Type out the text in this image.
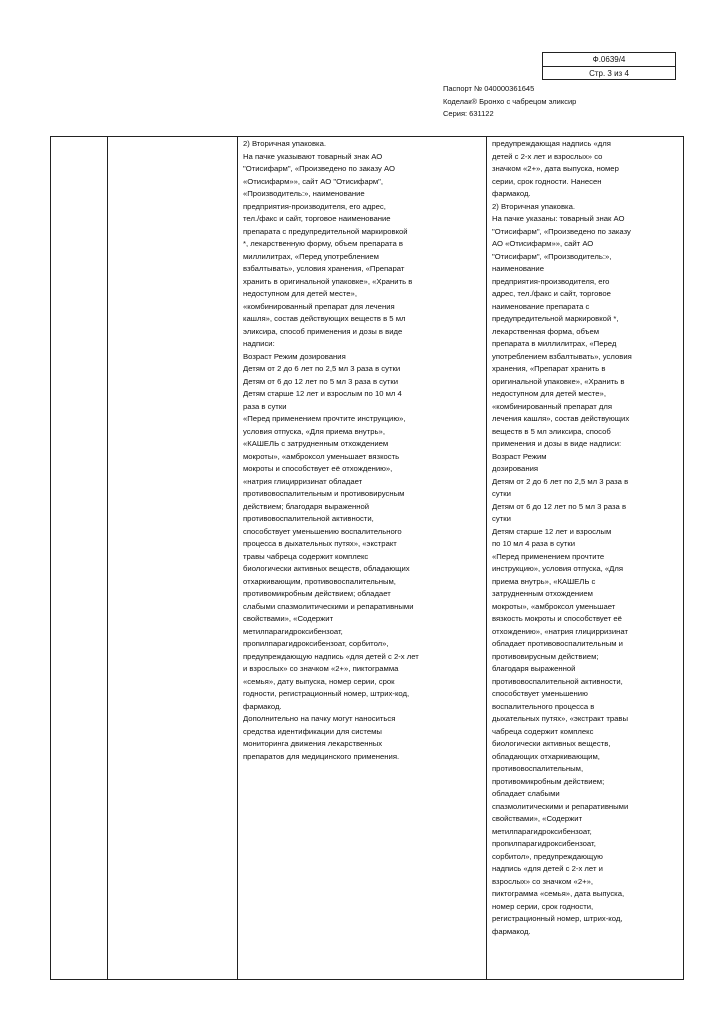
Ф.0639/4
Стр. 3 из 4
Паспорт № 040000361645
Коделак® Бронхо с чабрецом эликсир
Серия: 631122

2) Вторичная упаковка.
На пачке указывают товарный знак АО
"Отисифарм", «Произведено по заказу АО
«Отисифарм»», сайт АО "Отисифарм",
«Производитель:», наименование
предприятия-производителя, его адрес,
тел./факс и сайт, торговое наименование
препарата с предупредительной маркировкой
*, лекарственную форму, объем препарата в
миллилитрах, «Перед употреблением
взбалтывать», условия хранения, «Препарат
хранить в оригинальной упаковке», «Хранить в
недоступном для детей месте»,
«комбинированный препарат для лечения
кашля», состав действующих веществ в 5 мл
эликсира, способ применения и дозы в виде
надписи:
Возраст Режим дозирования
Детям от 2 до 6 лет по 2,5 мл 3 раза в сутки
Детям от 6 до 12 лет по 5 мл 3 раза в сутки
Детям старше 12 лет и взрослым по 10 мл 4
раза в сутки
«Перед применением прочтите инструкцию»,
условия отпуска, «Для приема внутрь»,
«КАШЕЛЬ с затрудненным отхождением
мокроты», «амброксол уменьшает вязкость
мокроты и способствует её отхождению»,
«натрия глицирризинат обладает
противовоспалительным и противовирусным
действием; благодаря выраженной
противовоспалительной активности,
способствует уменьшению воспалительного
процесса в дыхательных путях», «экстракт
травы чабреца содержит комплекс
биологически активных веществ, обладающих
отхаркивающим, противовоспалительным,
противомикробным действием; обладает
слабыми спазмолитическими и репаративными
свойствами», «Содержит
метилпарагидроксибензоат,
пропилпарагидроксибензоат, сорбитол»,
предупреждающую надпись «для детей с 2-х лет
и взрослых» со значком «2+», пиктограмма
«семья», дату выпуска, номер серии, срок
годности, регистрационный номер, штрих-код,
фармакод.
Дополнительно на пачку могут наноситься
средства идентификации для системы
мониторинга движения лекарственных
препаратов для медицинского применения.

предупреждающая надпись «для
детей с 2-х лет и взрослых» со
значком «2+», дата выпуска, номер
серии, срок годности. Нанесен
фармакод.
2) Вторичная упаковка.
На пачке указаны: товарный знак АО
"Отисифарм", «Произведено по заказу
АО «Отисифарм»», сайт АО
"Отисифарм", «Производитель:»,
наименование
предприятия-производителя, его
адрес, тел./факс и сайт, торговое
наименование препарата с
предупредительной маркировкой *,
лекарственная форма, объем
препарата в миллилитрах, «Перед
употреблением взбалтывать», условия
хранения, «Препарат хранить в
оригинальной упаковке», «Хранить в
недоступном для детей месте»,
«комбинированный препарат для
лечения кашля», состав действующих
веществ в 5 мл эликсира, способ
применения и дозы в виде надписи:
Возраст Режим
дозирования
Детям от 2 до 6 лет по 2,5 мл 3 раза в
сутки
Детям от 6 до 12 лет по 5 мл 3 раза в
сутки
Детям старше 12 лет и взрослым
по 10 мл 4 раза в сутки
«Перед применением прочтите
инструкцию», условия отпуска, «Для
приема внутрь», «КАШЕЛЬ с
затрудненным отхождением
мокроты», «амброксол уменьшает
вязкость мокроты и способствует её
отхождению», «натрия глицирризинат
обладает противовоспалительным и
противовирусным действием;
благодаря выраженной
противовоспалительной активности,
способствует уменьшению
воспалительного процесса в
дыхательных путях», «экстракт травы
чабреца содержит комплекс
биологически активных веществ,
обладающих отхаркивающим,
противовоспалительным,
противомикробным действием;
обладает слабыми
спазмолитическими и репаративными
свойствами», «Содержит
метилпарагидроксибензоат,
пропилпарагидроксибензоат,
сорбитол», предупреждающую
надпись «для детей с 2-х лет и
взрослых» со значком «2+»,
пиктограмма «семья», дата выпуска,
номер серии, срок годности,
регистрационный номер, штрих-код,
фармакод.
